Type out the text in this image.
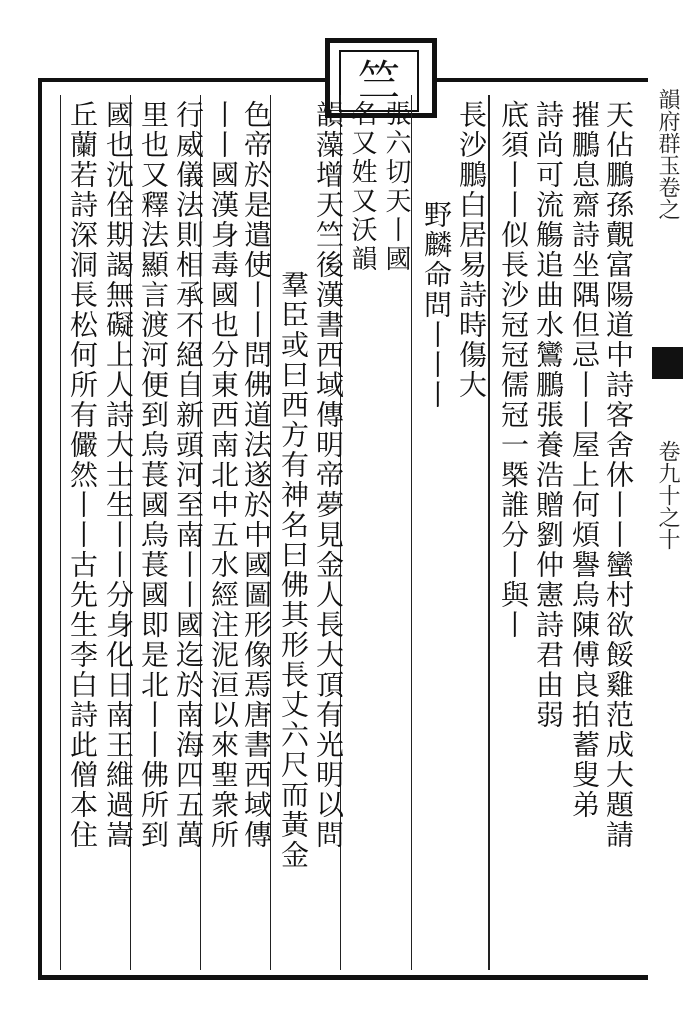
竺
韻府群玉卷之
卷九十之十
天佔鵬孫覿富陽道中詩客舍休丨丨蠻村欲餒雞范成大題請
摧鵬息齋詩坐隅但忌丨丨屋上何煩譽烏陳傅良拍蓄叟弟
詩尚可流觴追曲水鸞鵬張養浩贈劉仲憲詩君由弱
底須丨丨似長沙冠冠儒冠一槩誰分丨與丨
長沙鵬白居易詩時傷大
野麟命問丨丨丨
張六切天丨國
名又姓又沃韻
韻藻增天竺後漢書西域傳明帝夢見金人長大頂有光明以問
羣臣或曰西方有神名曰佛其形長丈六尺而黃金
色帝於是遣使丨丨問佛道法遂於中國圖形像焉唐書西域傳
丨丨國漢身毒國也分東西南北中五水經注泥洹以來聖衆所
行威儀法則相承不絕自新頭河至南丨丨國迄於南海四五萬
里也又釋法顯言渡河便到烏萇國烏萇國即是北丨丨佛所到
國也沈佺期謁無礙上人詩大士生丨丨分身化日南王維過嵩
丘蘭若詩深洞長松何所有儼然丨丨古先生李白詩此僧本住
